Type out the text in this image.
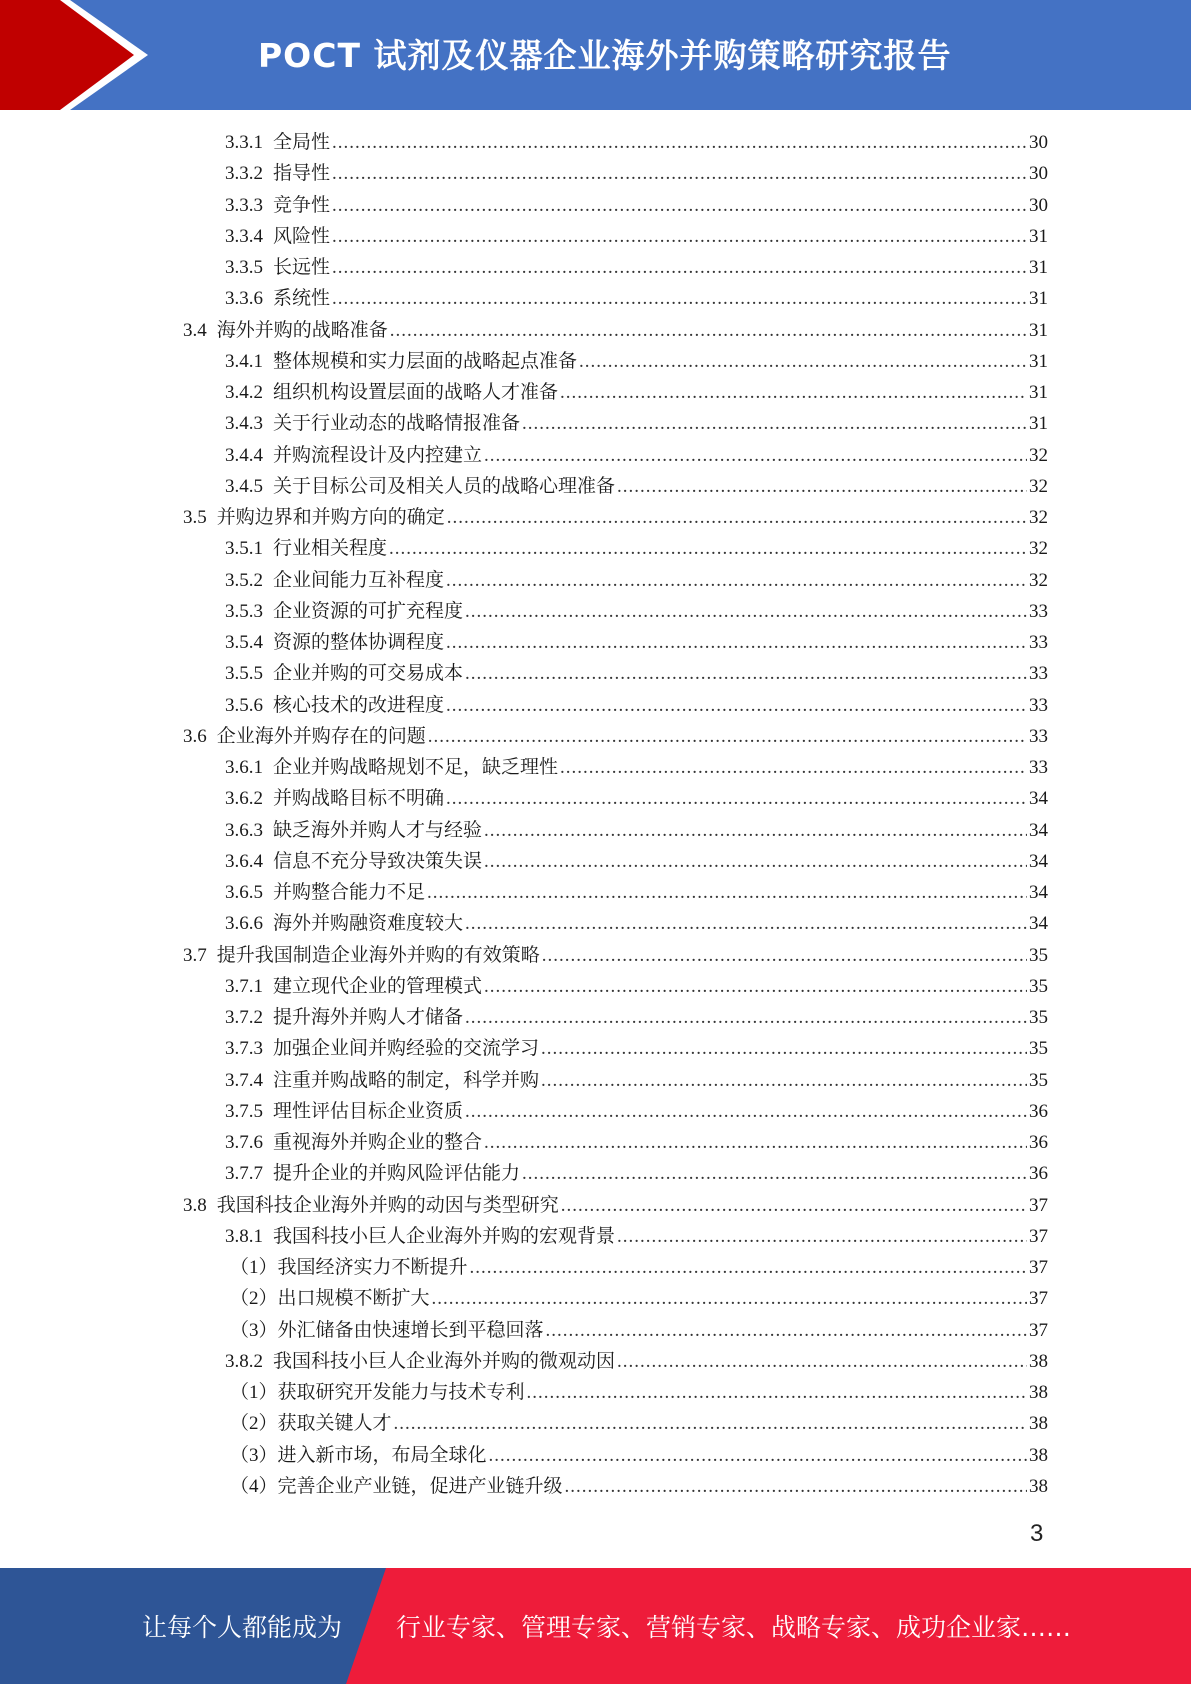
POCT 试剂及仪器企业海外并购策略研究报告
3.3.1 全局性 .....	30
3.3.2 指导性 .....	30
3.3.3 竞争性 .....	30
3.3.4 风险性 .....	31
3.3.5 长远性 .....	31
3.3.6 系统性 .....	31
3.4 海外并购的战略准备 .....	31
3.4.1 整体规模和实力层面的战略起点准备 .....	31
3.4.2 组织机构设置层面的战略人才准备 .....	31
3.4.3 关于行业动态的战略情报准备 .....	31
3.4.4 并购流程设计及内控建立 .....	32
3.4.5 关于目标公司及相关人员的战略心理准备 .....	32
3.5 并购边界和并购方向的确定 .....	32
3.5.1 行业相关程度 .....	32
3.5.2 企业间能力互补程度 .....	32
3.5.3 企业资源的可扩充程度 .....	33
3.5.4 资源的整体协调程度 .....	33
3.5.5 企业并购的可交易成本 .....	33
3.5.6 核心技术的改进程度 .....	33
3.6 企业海外并购存在的问题 .....	33
3.6.1 企业并购战略规划不足，缺乏理性 .....	33
3.6.2 并购战略目标不明确 .....	34
3.6.3 缺乏海外并购人才与经验 .....	34
3.6.4 信息不充分导致决策失误 .....	34
3.6.5 并购整合能力不足 .....	34
3.6.6 海外并购融资难度较大 .....	34
3.7 提升我国制造企业海外并购的有效策略 .....	35
3.7.1 建立现代企业的管理模式 .....	35
3.7.2 提升海外并购人才储备 .....	35
3.7.3 加强企业间并购经验的交流学习 .....	35
3.7.4 注重并购战略的制定，科学并购 .....	35
3.7.5 理性评估目标企业资质 .....	36
3.7.6 重视海外并购企业的整合 .....	36
3.7.7 提升企业的并购风险评估能力 .....	36
3.8 我国科技企业海外并购的动因与类型研究 .....	37
3.8.1 我国科技小巨人企业海外并购的宏观背景 .....	37
（1） 我国经济实力不断提升 .....	37
（2） 出口规模不断扩大 .....	37
（3） 外汇储备由快速增长到平稳回落 .....	37
3.8.2 我国科技小巨人企业海外并购的微观动因 .....	38
（1） 获取研究开发能力与技术专利 .....	38
（2） 获取关键人才 .....	38
（3） 进入新市场，布局全球化 .....	38
（4） 完善企业产业链，促进产业链升级 .....	38
3
让每个人都能成为 行业专家、管理专家、营销专家、战略专家、成功企业家……
